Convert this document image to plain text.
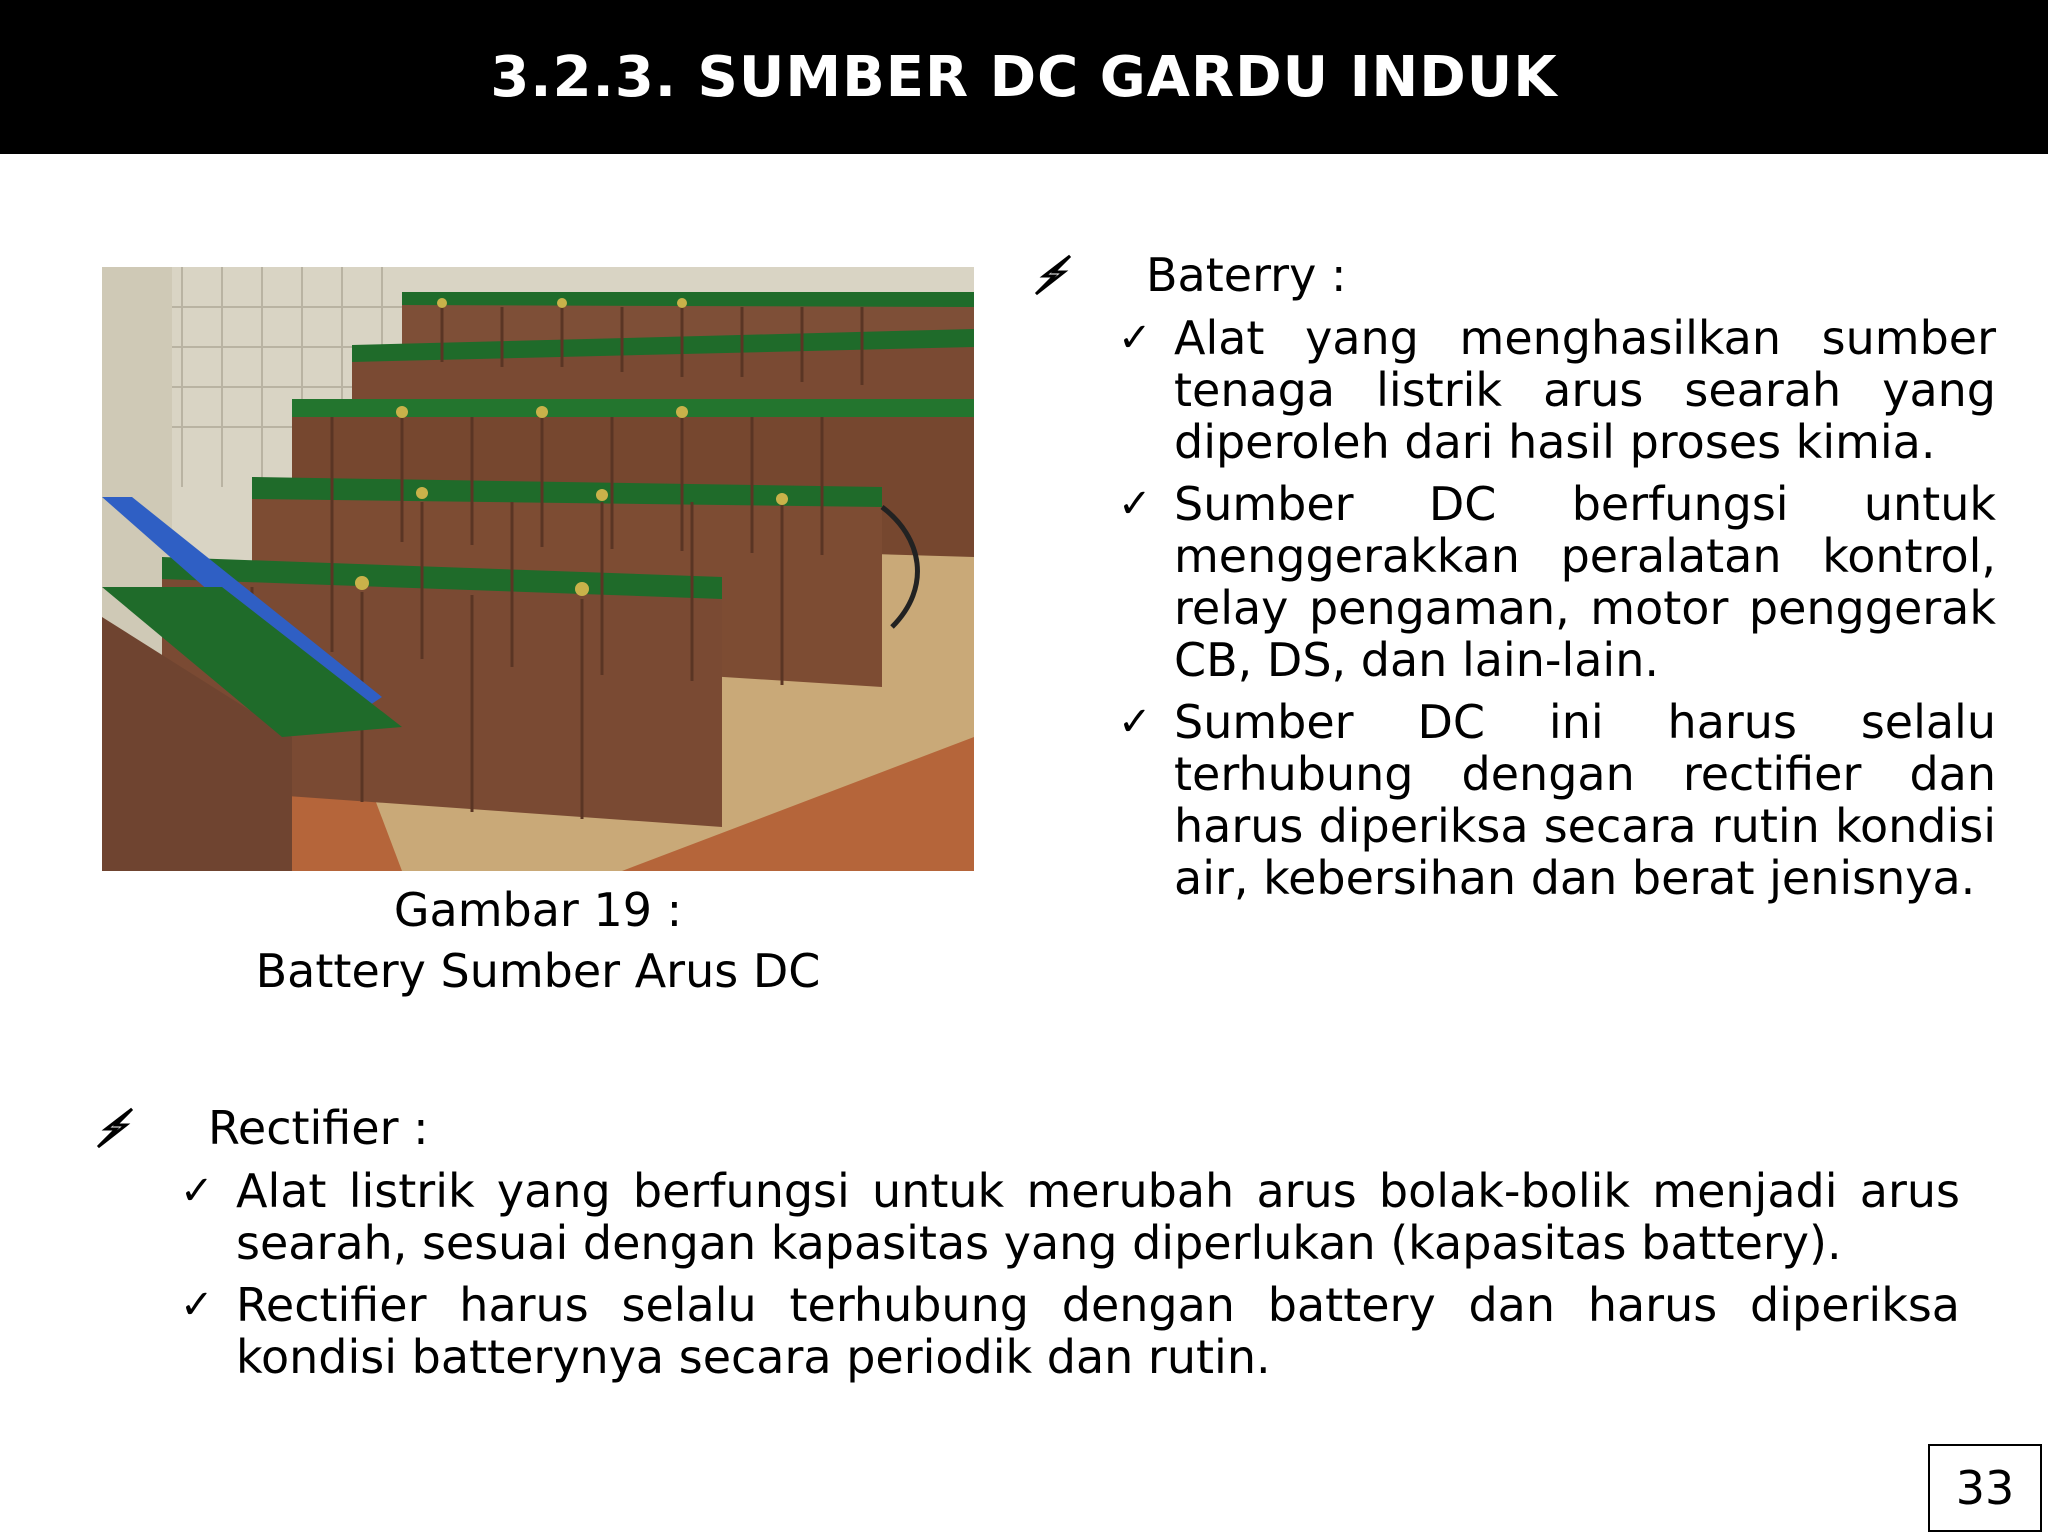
3.2.3. SUMBER DC GARDU INDUK
Gambar 19 :
Battery Sumber Arus DC
Baterry :
✓ Alat yang menghasilkan sumber tenaga listrik arus searah yang diperoleh dari hasil proses kimia.
✓ Sumber DC berfungsi untuk menggerakkan peralatan kontrol, relay pengaman, motor penggerak CB, DS, dan lain-lain.
✓ Sumber DC ini harus selalu terhubung dengan rectifier dan harus diperiksa secara rutin kondisi air, kebersihan dan berat jenisnya.
Rectifier :
✓ Alat listrik yang berfungsi untuk merubah arus bolak-bolik menjadi arus searah, sesuai dengan kapasitas yang diperlukan (kapasitas battery).
✓ Rectifier harus selalu terhubung dengan battery dan harus diperiksa kondisi batterynya secara periodik dan rutin.
33
